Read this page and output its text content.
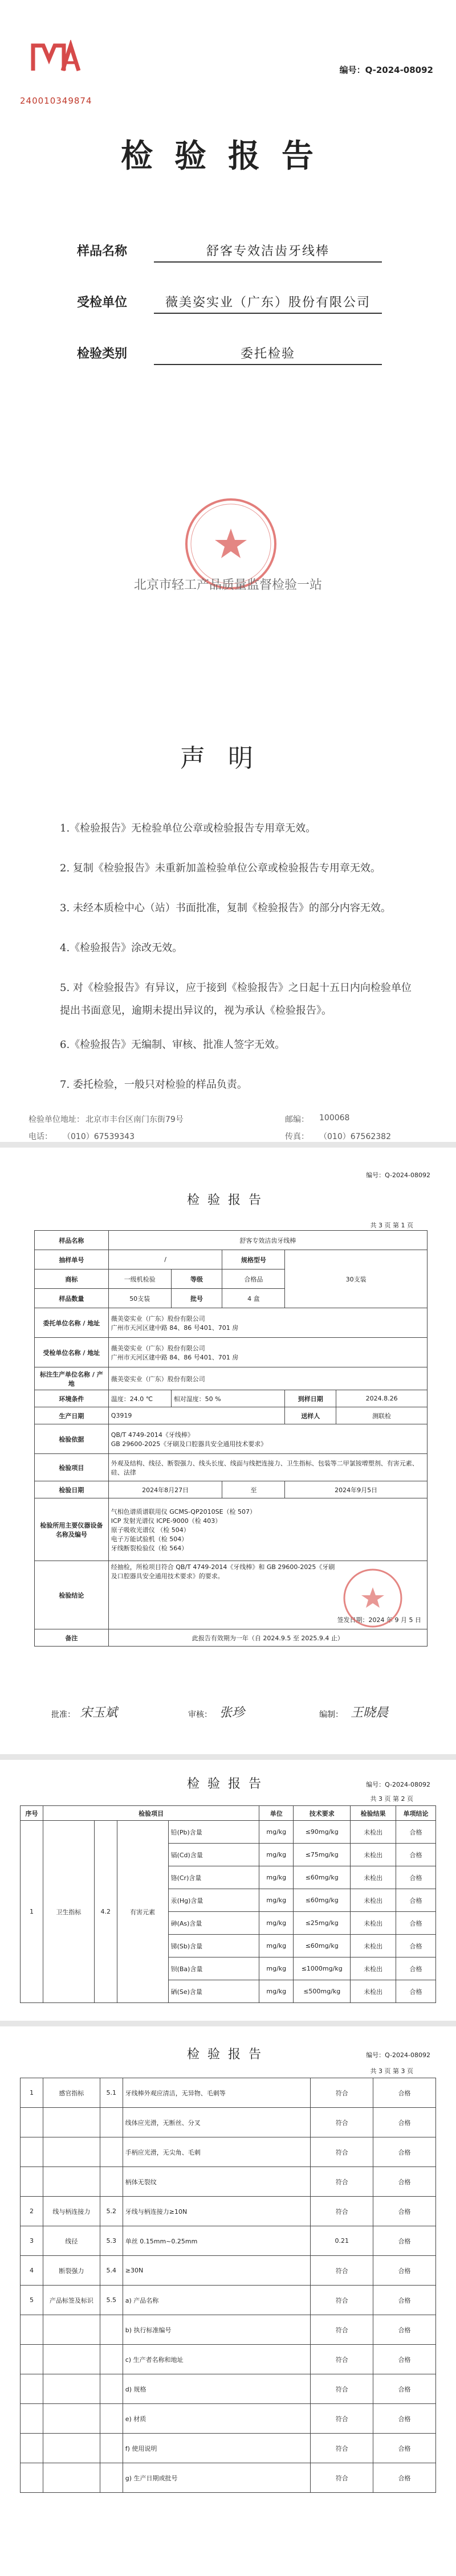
240010349874
编号：Q-2024-08092
检验报告
样品名称	舒客专效洁齿牙线棒
受检单位	薇美姿实业（广东）股份有限公司
检验类别	委托检验
北京市轻工产品质量监督检验一站
声明
1.《检验报告》无检验单位公章或检验报告专用章无效。
2. 复制《检验报告》未重新加盖检验单位公章或检验报告专用章无效。
3. 未经本质检中心（站）书面批准，复制《检验报告》的部分内容无效。
4.《检验报告》涂改无效。
5. 对《检验报告》有异议，应于接到《检验报告》之日起十五日内向检验单位提出书面意见，逾期未提出异议的，视为承认《检验报告》。
6.《检验报告》无编制、审核、批准人签字无效。
7. 委托检验，一般只对检验的样品负责。
检验单位地址： 北京市丰台区南门东街79号	邮编： 100068
电话： （010）67539343	传真： （010）67562382
编号：Q-2024-08092
检验报告
共 3 页 第 1 页
样品名称	舒客专效洁齿牙线棒				
抽样单号	/		规格型号	30支装	
商标	一级机检验	等级	合格品		
样品数量	50支装	批号	4 盒		
委托单位名称 / 地址	薇美姿实业（广东）股份有限公司
广州市天河区建中路 84、86 号401、701 房				
受检单位名称 / 地址	薇美姿实业（广东）股份有限公司
广州市天河区建中路 84、86 号401、701 房				
标注生产单位名称 / 产地	薇美姿实业（广东）股份有限公司				
环境条件	温度：24.0 ℃	相对湿度：50 %		到样日期	2024.8.26
生产日期	Q3919			送样人	测联检
检验依据	QB/T 4749-2014《牙线棒》
GB 29600-2025《牙刷及口腔器具安全通用技术要求》				
检验项目	外观及结构、线径、断裂强力、线头长度、线面与线把连接力、卫生指标、包装等二甲氯铵增塑剂、有害元素、硅、法律				
检验日期	2024年8月27日		至	2024年9月5日	
检验所用主要仪器设备名称及编号	气相色谱质谱联用仪 GCMS-QP2010SE（检 507）
ICP 发射光谱仪 ICPE-9000（检 403）
原子吸收光谱仪 （检 504）
电子万能试验机（检 504）
牙线断裂检验仪（检 564）				
检验结论	经抽检，所检项目符合 QB/T 4749-2014《牙线棒》和 GB 29600-2025《牙刷及口腔器具安全通用技术要求》的要求。
签发日期：2024 年 9 月 5 日				

备注	此报告有效期为一年（自 2024.9.5 至 2025.9.4 止）				
批准： 宋玉斌	审核： 张珍	编制： 王晓晨
检验报告	编号：Q-2024-08092
共 3 页 第 2 页
序号	检验项目				单位	技术要求	检验结果	单项结论
1	卫生指标	4.2	有害元素	铅(Pb)含量	mg/kg	≤90mg/kg	未检出	合格
				镉(Cd)含量	mg/kg	≤75mg/kg	未检出	合格
				铬(Cr)含量	mg/kg	≤60mg/kg	未检出	合格
				汞(Hg)含量	mg/kg	≤60mg/kg	未检出	合格
				砷(As)含量	mg/kg	≤25mg/kg	未检出	合格
				锑(Sb)含量	mg/kg	≤60mg/kg	未检出	合格
				钡(Ba)含量	mg/kg	≤1000mg/kg	未检出	合格
				硒(Se)含量	mg/kg	≤500mg/kg	未检出	合格
检验报告	编号：Q-2024-08092
共 3 页 第 3 页
1	感官指标	5.1	牙线棒外观应清洁，无异物、毛刺等	符合	合格
			线体应光滑，无断丝、分叉	符合	合格
			手柄应光滑，无尖角、毛刺	符合	合格
			柄体无裂纹	符合	合格
2	线与柄连接力	5.2	牙线与柄连接力≥10N	符合	合格
3	线径	5.3	单丝 0.15mm~0.25mm	0.21	合格
4	断裂强力	5.4	≥30N	符合	合格
5	产品标签及标识	5.5	a) 产品名称	符合	合格
			b) 执行标准编号	符合	合格
			c) 生产者名称和地址	符合	合格
			d) 规格	符合	合格
			e) 材质	符合	合格
			f) 使用说明	符合	合格
			g) 生产日期或批号	符合	合格
